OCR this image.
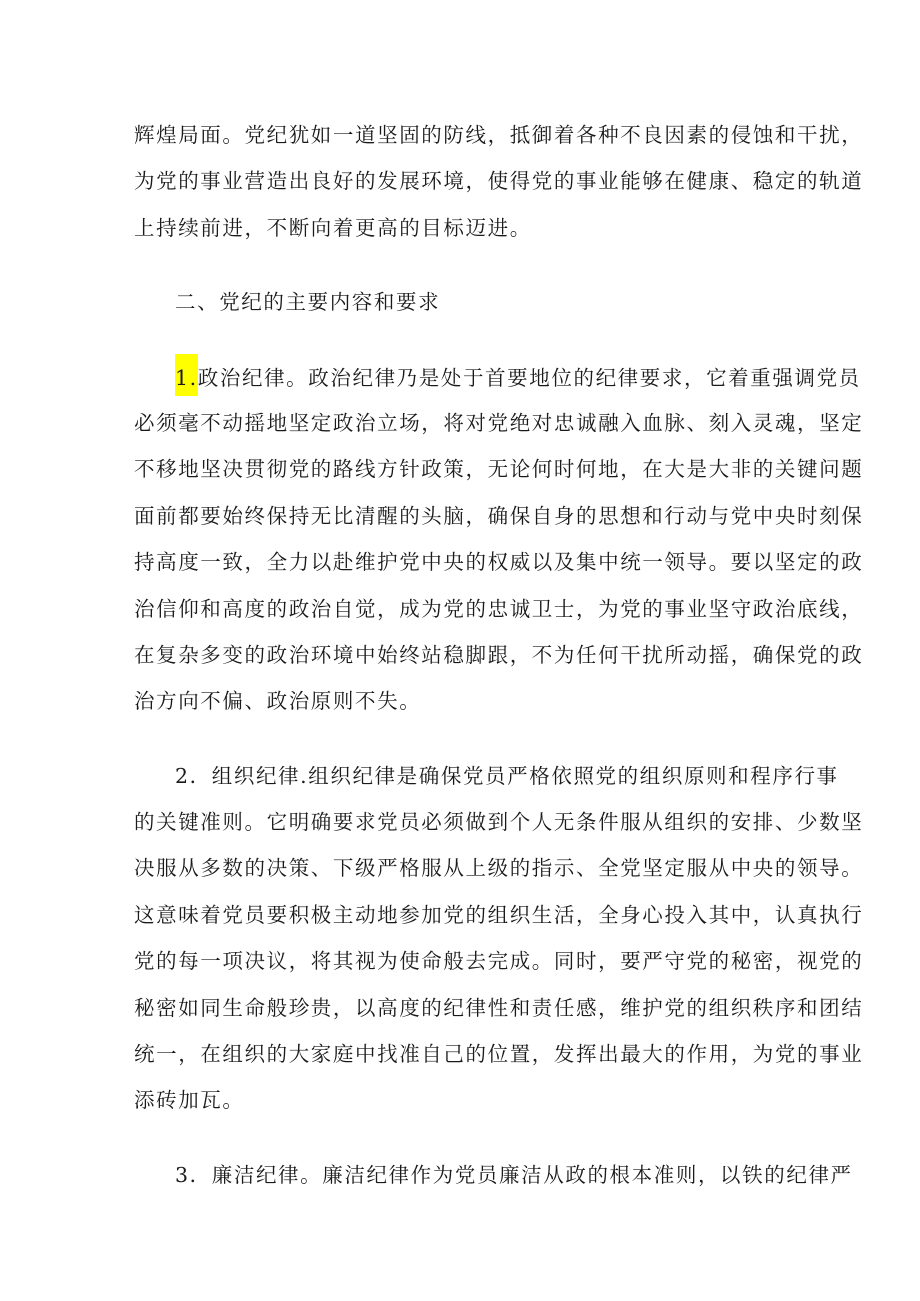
辉煌局面。党纪犹如一道坚固的防线，抵御着各种不良因素的侵蚀和干扰，
为党的事业营造出良好的发展环境，使得党的事业能够在健康、稳定的轨道
上持续前进，不断向着更高的目标迈进。
二、党纪的主要内容和要求
1.政治纪律。政治纪律乃是处于首要地位的纪律要求，它着重强调党员
必须毫不动摇地坚定政治立场，将对党绝对忠诚融入血脉、刻入灵魂，坚定
不移地坚决贯彻党的路线方针政策，无论何时何地，在大是大非的关键问题
面前都要始终保持无比清醒的头脑，确保自身的思想和行动与党中央时刻保
持高度一致，全力以赴维护党中央的权威以及集中统一领导。要以坚定的政
治信仰和高度的政治自觉，成为党的忠诚卫士，为党的事业坚守政治底线，
在复杂多变的政治环境中始终站稳脚跟，不为任何干扰所动摇，确保党的政
治方向不偏、政治原则不失。
2．组织纪律.组织纪律是确保党员严格依照党的组织原则和程序行事
的关键准则。它明确要求党员必须做到个人无条件服从组织的安排、少数坚
决服从多数的决策、下级严格服从上级的指示、全党坚定服从中央的领导。
这意味着党员要积极主动地参加党的组织生活，全身心投入其中，认真执行
党的每一项决议，将其视为使命般去完成。同时，要严守党的秘密，视党的
秘密如同生命般珍贵，以高度的纪律性和责任感，维护党的组织秩序和团结
统一，在组织的大家庭中找准自己的位置，发挥出最大的作用，为党的事业
添砖加瓦。
3．廉洁纪律。廉洁纪律作为党员廉洁从政的根本准则，以铁的纪律严
